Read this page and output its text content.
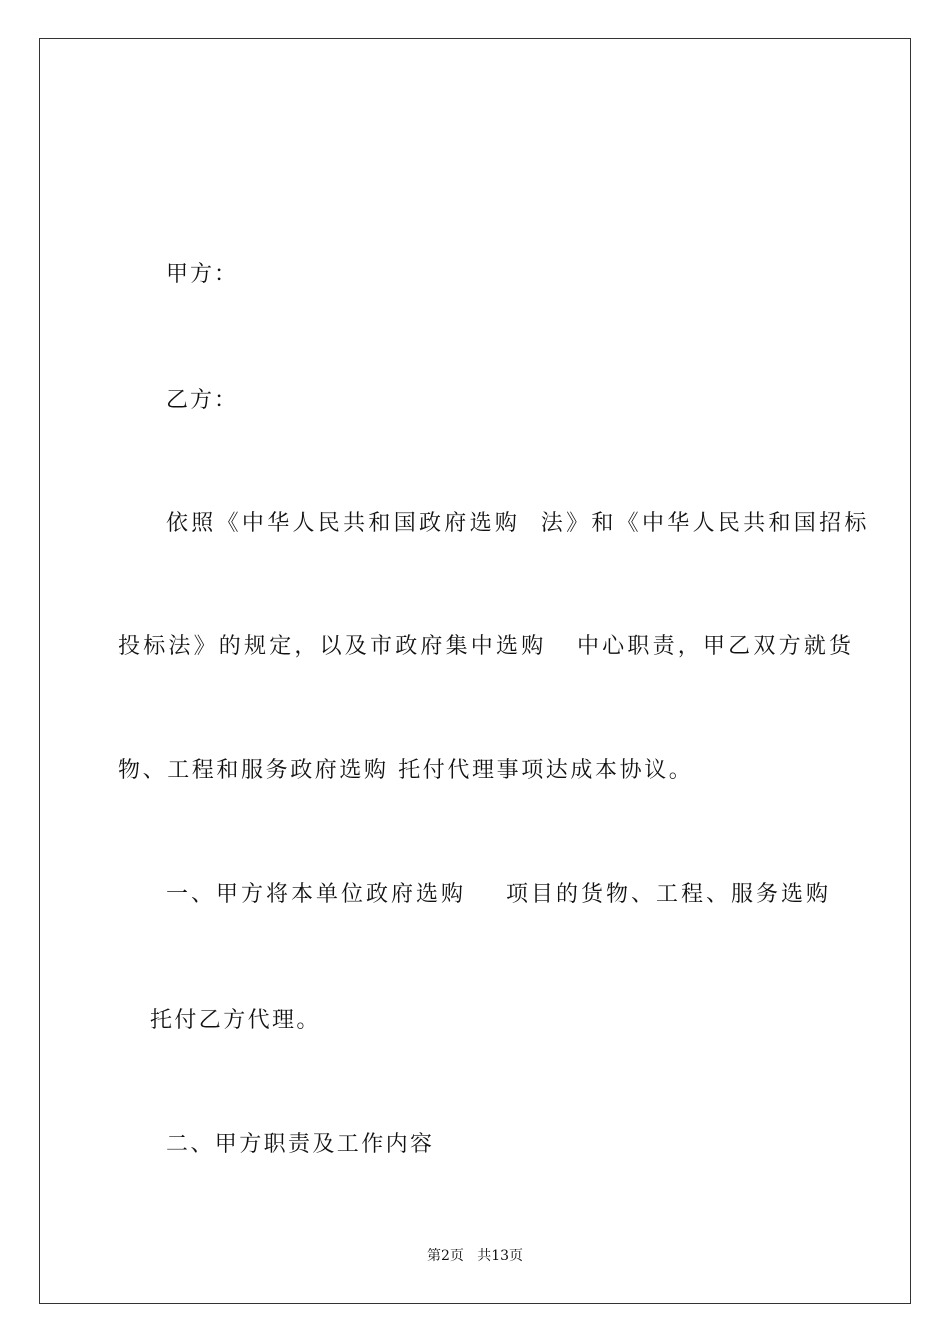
甲方：
乙方：
依照《中华人民共和国政府选购  法》和《中华人民共和国招标
投标法》的规定，以及市政府集中选购   中心职责，甲乙双方就货
物、工程和服务政府选购 托付代理事项达成本协议。
一、甲方将本单位政府选购    项目的货物、工程、服务选购
托付乙方代理。
二、甲方职责及工作内容
第2页   共13页
